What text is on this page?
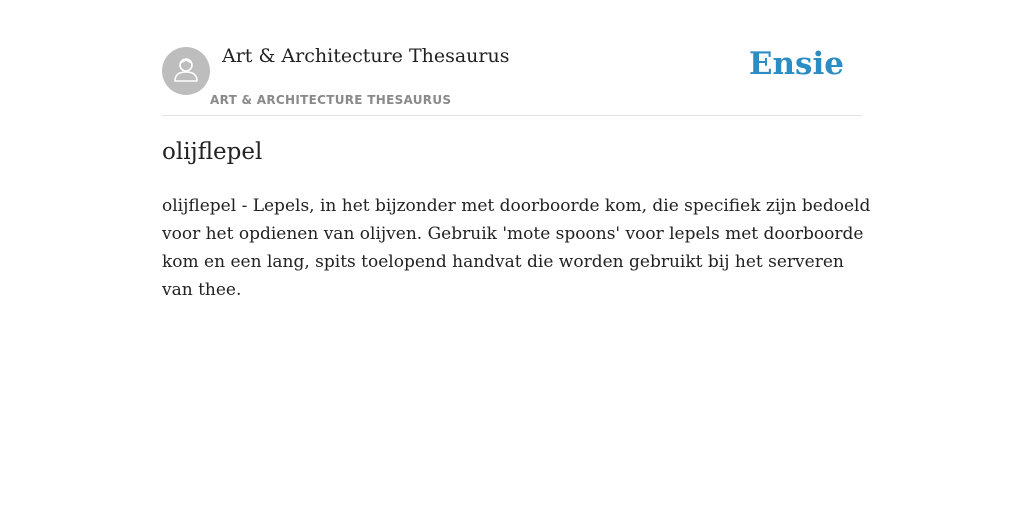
Art & Architecture Thesaurus
ART & ARCHITECTURE THESAURUS
Ensie
olijflepel

olijflepel - Lepels, in het bijzonder met doorboorde kom, die specifiek zijn bedoeld voor het opdienen van olijven. Gebruik 'mote spoons' voor lepels met doorboorde kom en een lang, spits toelopend handvat die worden gebruikt bij het serveren van thee.
